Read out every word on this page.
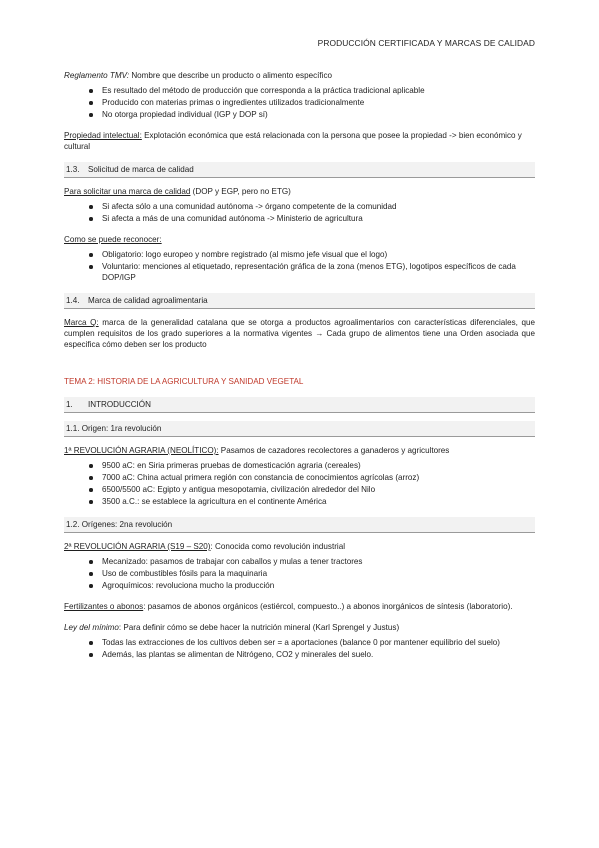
PRODUCCIÓN CERTIFICADA Y MARCAS DE CALIDAD

Reglamento TMV: Nombre que describe un producto o alimento específico

Es resultado del método de producción que corresponda a la práctica tradicional aplicable
Producido con materias primas o ingredientes utilizados tradicionalmente
No otorga propiedad individual (IGP y DOP sí)

Propiedad intelectual: Explotación económica que está relacionada con la persona que posee la propiedad -> bien económico y cultural

1.3. Solicitud de marca de calidad

Para solicitar una marca de calidad (DOP y EGP, pero no ETG)

Si afecta sólo a una comunidad autónoma -> órgano competente de la comunidad
Si afecta a más de una comunidad autónoma -> Ministerio de agricultura

Como se puede reconocer:

Obligatorio: logo europeo y nombre registrado (al mismo jefe visual que el logo)
Voluntario: menciones al etiquetado, representación gráfica de la zona (menos ETG), logotipos específicos de cada DOP/IGP
1.4. Marca de calidad agroalimentaria

Marca Q: marca de la generalidad catalana que se otorga a productos agroalimentarios con características diferenciales, que cumplen requisitos de los grado superiores a la normativa vigentes → Cada grupo de alimentos tiene una Orden asociada que especifica cómo deben ser los producto

TEMA 2: HISTORIA DE LA AGRICULTURA Y SANIDAD VEGETAL

1. INTRODUCCIÓN
1.1. Origen: 1ra revolución

1ª REVOLUCIÓN AGRARIA (NEOLÍTICO): Pasamos de cazadores recolectores a ganaderos y agricultores

9500 aC: en Siria primeras pruebas de domesticación agraria (cereales)
7000 aC: China actual primera región con constancia de conocimientos agrícolas (arroz)
6500/5500 aC: Egipto y antigua mesopotamia, civilización alrededor del Nilo
3500 a.C.: se establece la agricultura en el continente América
1.2. Orígenes: 2na revolución

2ª REVOLUCIÓN AGRARIA (S19 – S20): Conocida como revolución industrial

Mecanizado: pasamos de trabajar con caballos y mulas a tener tractores
Uso de combustibles fósils para la maquinaria
Agroquímicos: revoluciona mucho la producción

Fertilizantes o abonos: pasamos de abonos orgánicos (estiércol, compuesto..) a abonos inorgánicos de síntesis (laboratorio).

Ley del mínimo: Para definir cómo se debe hacer la nutrición mineral (Karl Sprengel y Justus)

Todas las extracciones de los cultivos deben ser = a aportaciones (balance 0 por mantener equilibrio del suelo)
Además, las plantas se alimentan de Nitrógeno, CO2 y minerales del suelo.
